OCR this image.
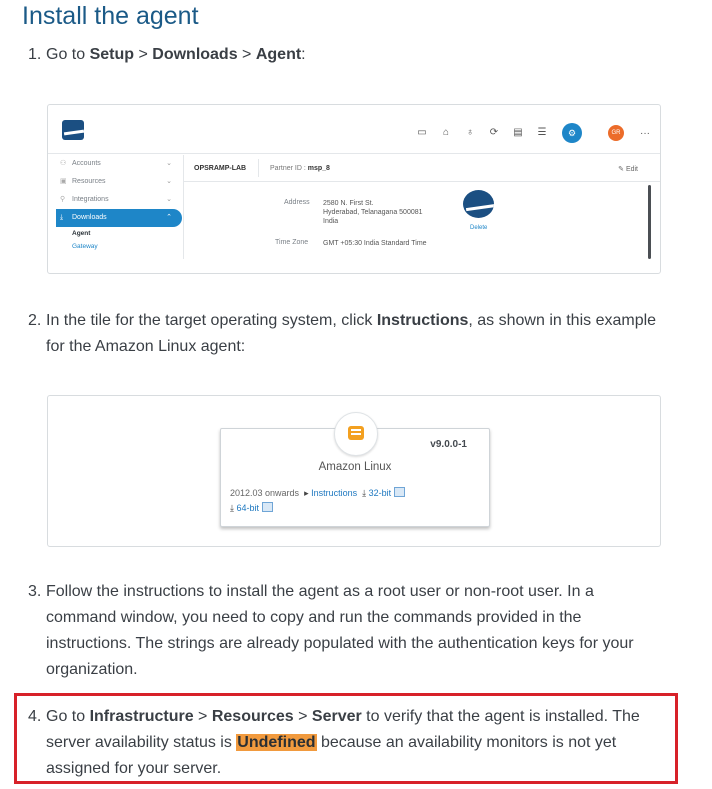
Install the agent
1. Go to Setup > Downloads > Agent:
▭ ⌂ ♁ ⟳ ▤ ☰	⚙	GR	···
⚇ Accounts	⌄
▣ Resources	⌄
⚲ Integrations	⌄
⤓ Downloads	⌃
Agent
Gateway
OPSRAMP-LAB	Partner ID : msp_8	✎ Edit
Address 2580 N. First St.
Hyderabad, Telanagana 500081
India
Delete
Time Zone GMT +05:30 India Standard Time
2. In the tile for the target operating system, click Instructions, as shown in this example for the Amazon Linux agent:
v9.0.0-1
Amazon Linux
2012.03 onwards  ▸ Instructions  ⤓ 32-bit
⤓ 64-bit
3. Follow the instructions to install the agent as a root user or non-root user. In a command window, you need to copy and run the commands provided in the instructions. The strings are already populated with the authentication keys for your organization.
4. Go to Infrastructure > Resources > Server to verify that the agent is installed. The server availability status is Undefined because an availability monitors is not yet assigned for your server.
